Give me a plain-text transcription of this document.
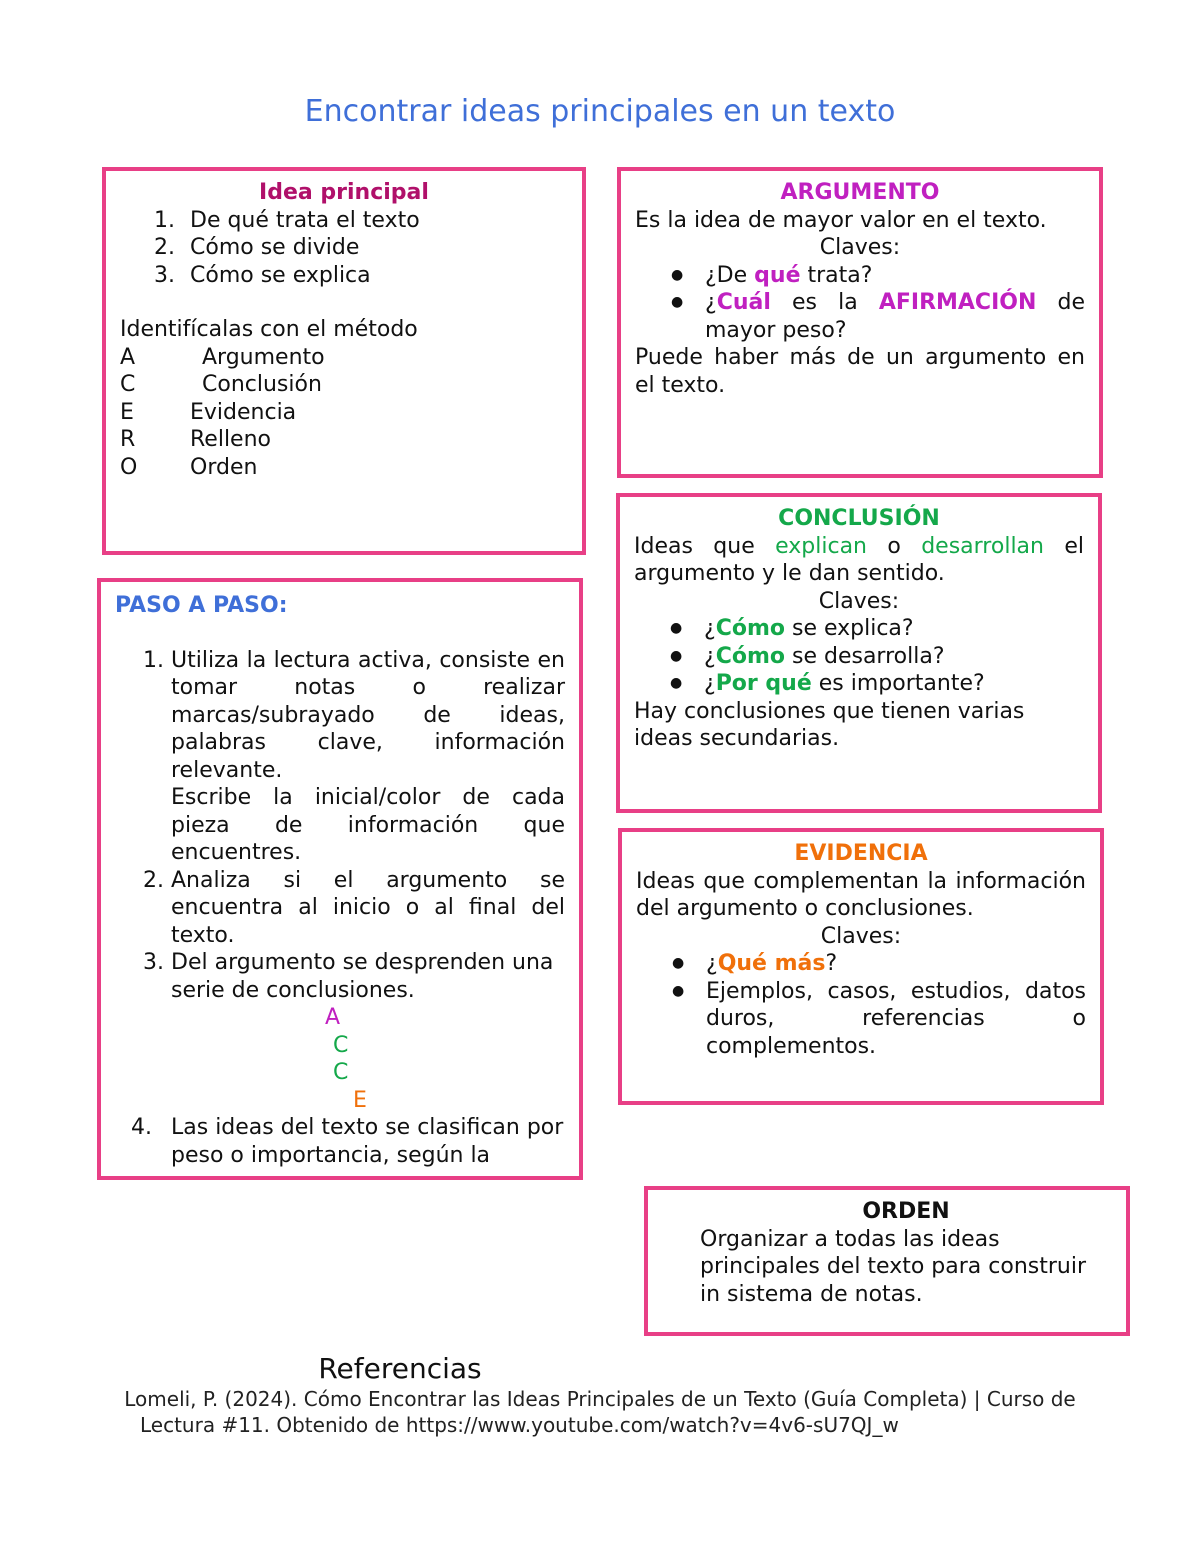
Encontrar ideas principales en un texto
Idea principal
1. De qué trata el texto
2. Cómo se divide
3. Cómo se explica
Identifícalas con el método
A	Argumento
C	Conclusión
E	Evidencia
R	Relleno
O	Orden
ARGUMENTO
Es la idea de mayor valor en el texto.
Claves:
● ¿De qué trata?
● ¿Cuál es la AFIRMACIÓN de mayor peso?
Puede haber más de un argumento en el texto.
CONCLUSIÓN
Ideas que explican o desarrollan el argumento y le dan sentido.
Claves:
● ¿Cómo se explica?
● ¿Cómo se desarrolla?
● ¿Por qué es importante?
Hay conclusiones que tienen varias ideas secundarias.
EVIDENCIA
Ideas que complementan la información del argumento o conclusiones.
Claves:
● ¿Qué más?
● Ejemplos, casos, estudios, datos duros, referencias o complementos.
PASO A PASO:
1. Utiliza la lectura activa, consiste en tomar notas o realizar marcas/subrayado de ideas, palabras clave, información relevante.
Escribe la inicial/color de cada pieza de información que encuentres.
2. Analiza si el argumento se encuentra al inicio o al final del texto.
3. Del argumento se desprenden una serie de conclusiones.
A
C
C
E
4. Las ideas del texto se clasifican por peso o importancia, según la
ORDEN
Organizar a todas las ideas principales del texto para construir in sistema de notas.
Referencias
Lomeli, P. (2024). Cómo Encontrar las Ideas Principales de un Texto (Guía Completa) | Curso de
Lectura #11. Obtenido de https://www.youtube.com/watch?v=4v6-sU7QJ_w
